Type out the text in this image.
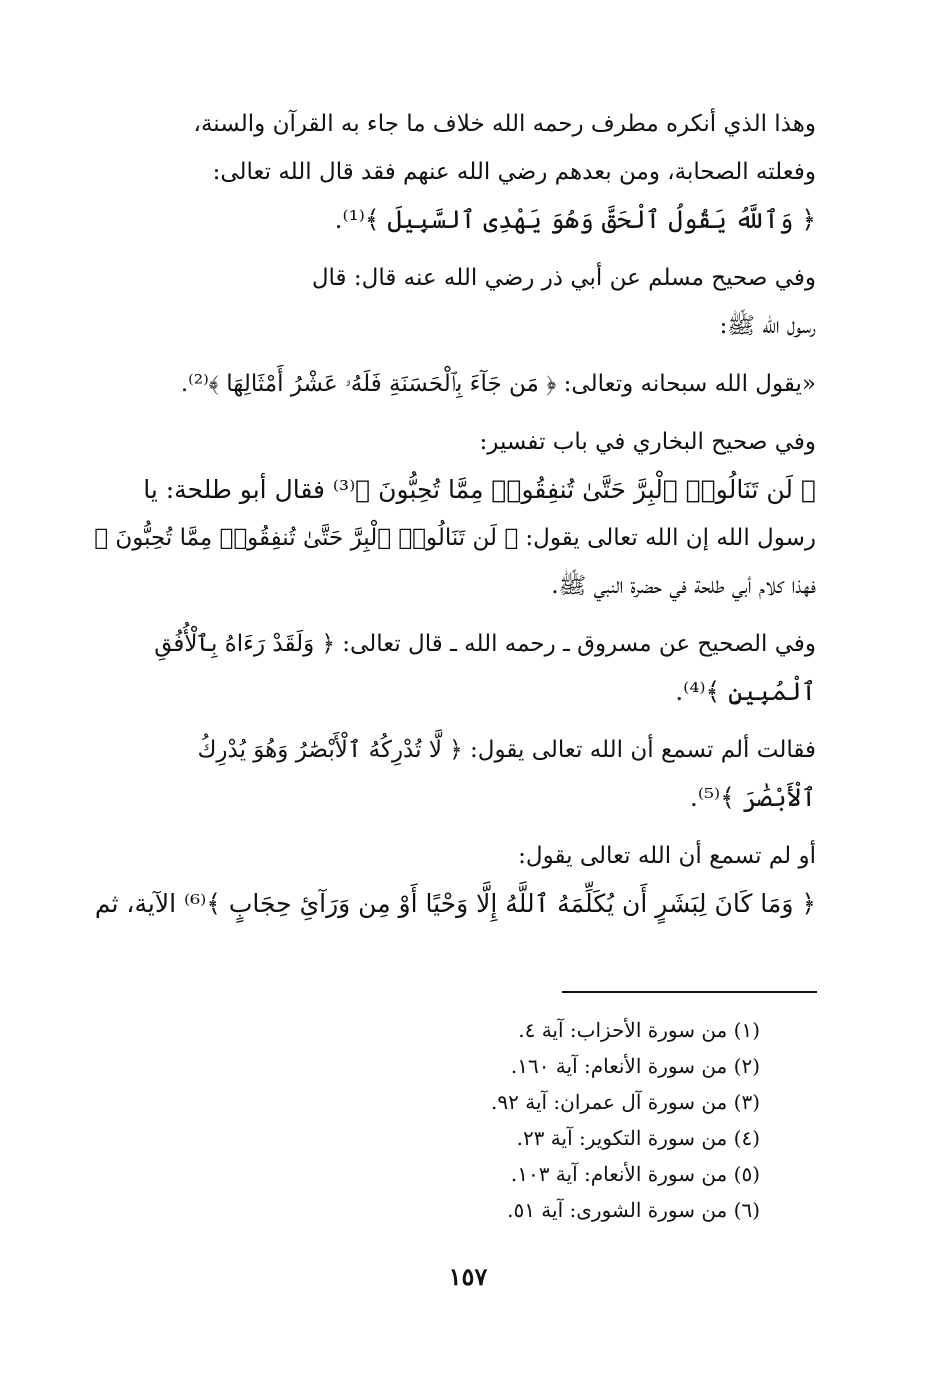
وهذا الذي أنكره مطرف رحمه الله خلاف ما جاء به القرآن والسنة،
وفعلته الصحابة، ومن بعدهم رضي الله عنهم فقد قال الله تعالى:
﴿ وَٱللَّهُ يَقُولُ ٱلْحَقَّ وَهُوَ يَهْدِى ٱلسَّبِيلَ ﴾⁽¹⁾.
وفي صحيح مسلم عن أبي ذر رضي الله عنه قال: قال
رسول الله ﷺ:
«يقول الله سبحانه وتعالى: ﴿ مَن جَآءَ بِٱلْحَسَنَةِ فَلَهُۥ عَشْرُ أَمْثَالِهَا ﴾⁽²⁾.
وفي صحيح البخاري في باب تفسير:
﴿ لَن تَنَالُوا۟ ٱلْبِرَّ حَتَّىٰ تُنفِقُوا۟ مِمَّا تُحِبُّونَ ﴾⁽³⁾ فقال أبو طلحة: يا
رسول الله إن الله تعالى يقول: ﴿ لَن تَنَالُوا۟ ٱلْبِرَّ حَتَّىٰ تُنفِقُوا۟ مِمَّا تُحِبُّونَ ﴾
فهذا كلام أبي طلحة في حضرة النبي ﷺ.
وفي الصحيح عن مسروق ـ رحمه الله ـ قال تعالى: ﴿ وَلَقَدْ رَءَاهُ بِٱلْأُفُقِ
ٱلْمُبِينِ ﴾⁽⁴⁾.
فقالت ألم تسمع أن الله تعالى يقول: ﴿ لَّا تُدْرِكُهُ ٱلْأَبْصَٰرُ وَهُوَ يُدْرِكُ
ٱلْأَبْصَٰرَ ﴾⁽⁵⁾.
أو لم تسمع أن الله تعالى يقول:
﴿ وَمَا كَانَ لِبَشَرٍ أَن يُكَلِّمَهُ ٱللَّهُ إِلَّا وَحْيًا أَوْ مِن وَرَآئِ حِجَابٍ ﴾⁽⁶⁾ الآية، ثم
(١) من سورة الأحزاب: آية ٤.
(٢) من سورة الأنعام: آية ١٦٠.
(٣) من سورة آل عمران: آية ٩٢.
(٤) من سورة التكوير: آية ٢٣.
(٥) من سورة الأنعام: آية ١٠٣.
(٦) من سورة الشورى: آية ٥١.
١٥٧
